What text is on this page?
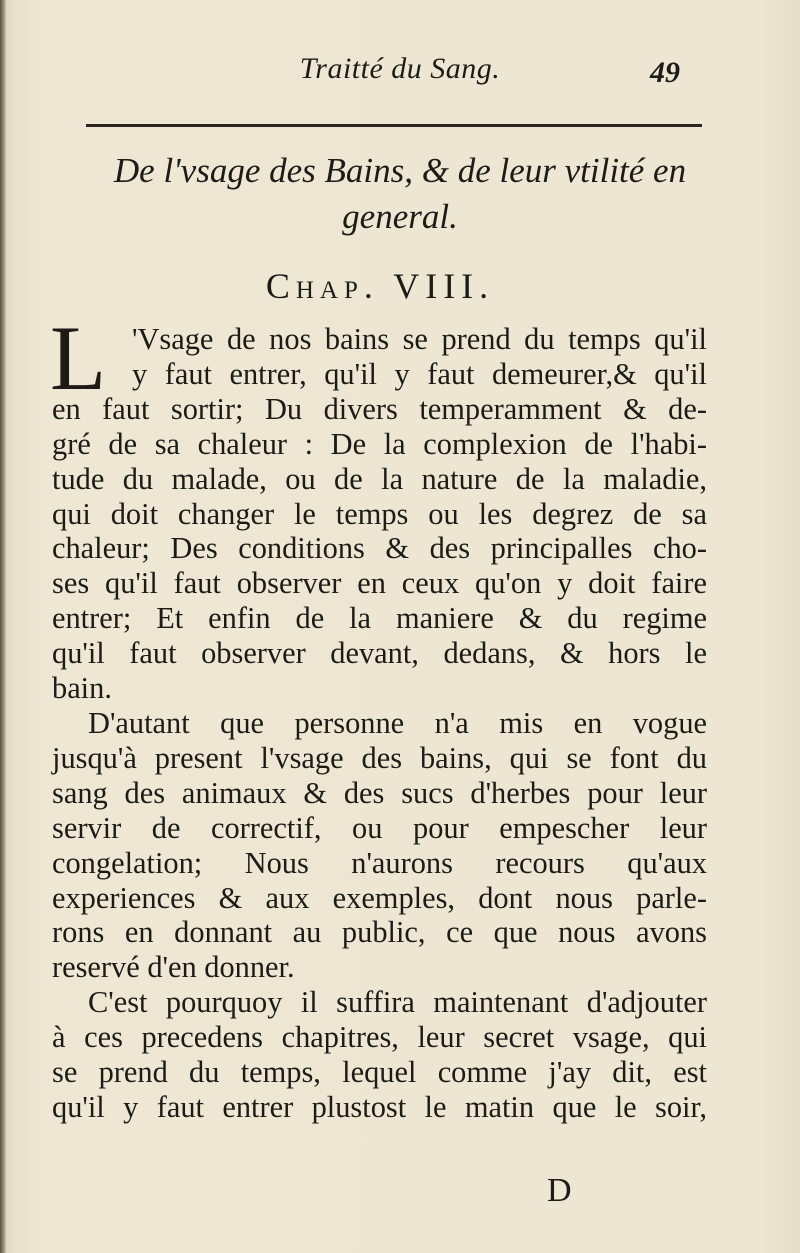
Traitté du Sang.	49
De l'vsage des Bains, & de leur vtilité en
general.
Chap. VIII.
L 'Vsage de nos bains se prend du temps qu'il
y faut entrer, qu'il y faut demeurer,& qu'il
en faut sortir; Du divers temperamment & de-
gré de sa chaleur : De la complexion de l'habi-
tude du malade, ou de la nature de la maladie,
qui doit changer le temps ou les degrez de sa
chaleur; Des conditions & des principalles cho-
ses qu'il faut observer en ceux qu'on y doit faire
entrer; Et enfin de la maniere & du regime
qu'il faut observer devant, dedans, & hors le
bain.
D'autant que personne n'a mis en vogue
jusqu'à present l'vsage des bains, qui se font du
sang des animaux & des sucs d'herbes pour leur
servir de correctif, ou pour empescher leur
congelation; Nous n'aurons recours qu'aux
experiences & aux exemples, dont nous parle-
rons en donnant au public, ce que nous avons
reservé d'en donner.
C'est pourquoy il suffira maintenant d'adjouter
à ces precedens chapitres, leur secret vsage, qui
se prend du temps, lequel comme j'ay dit, est
qu'il y faut entrer plustost le matin que le soir,
D
